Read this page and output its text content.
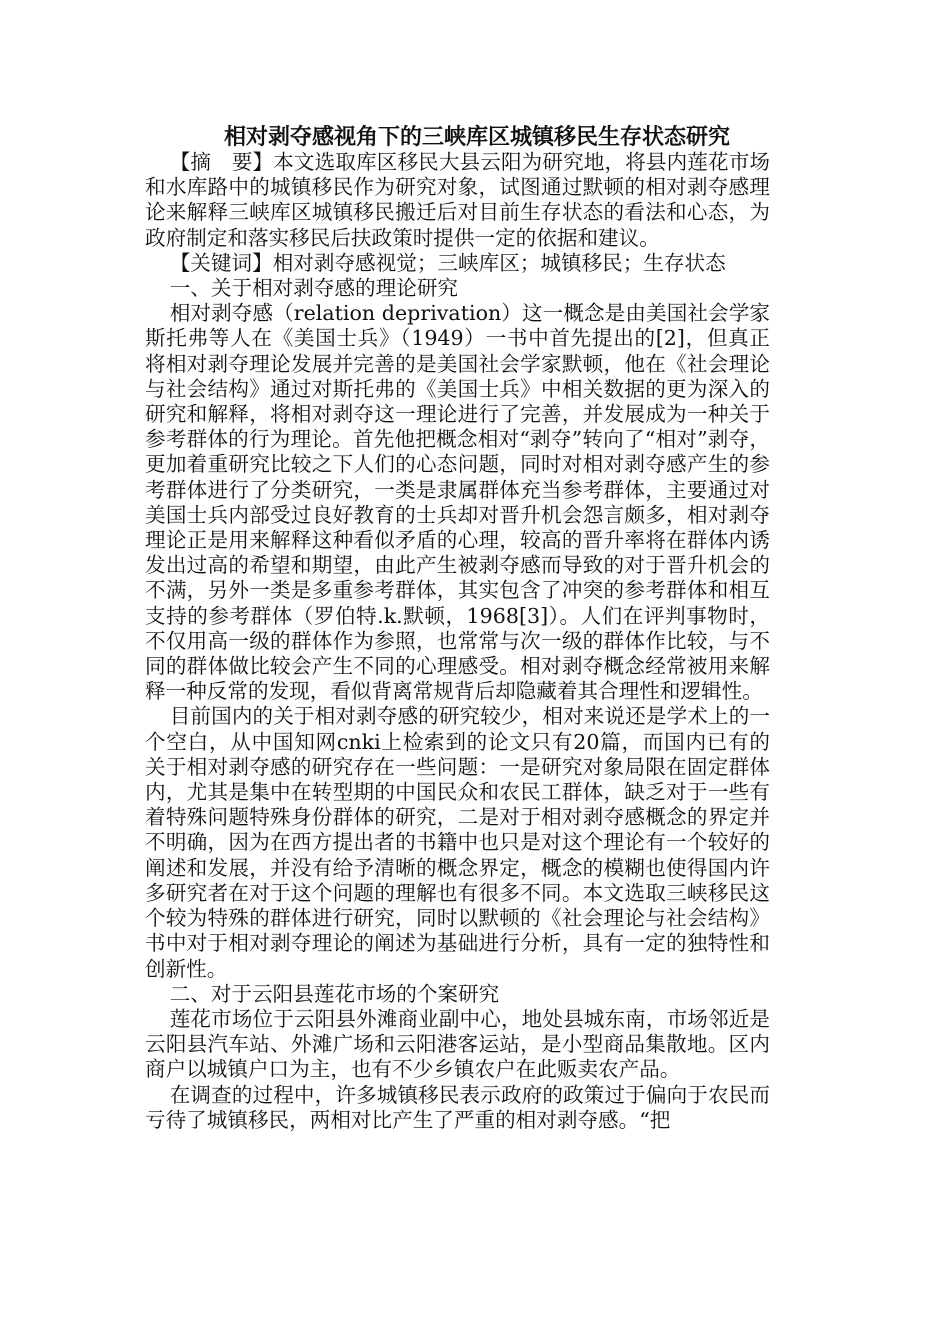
相对剥夺感视角下的三峡库区城镇移民生存状态研究

【摘　要】本文选取库区移民大县云阳为研究地，将县内莲花市场和水库路中的城镇移民作为研究对象，试图通过默顿的相对剥夺感理论来解释三峡库区城镇移民搬迁后对目前生存状态的看法和心态，为政府制定和落实移民后扶政策时提供一定的依据和建议。

【关键词】相对剥夺感视觉；三峡库区；城镇移民；生存状态

一、关于相对剥夺感的理论研究

相对剥夺感（relation deprivation）这一概念是由美国社会学家斯托弗等人在《美国士兵》（1949）一书中首先提出的[2]，但真正将相对剥夺理论发展并完善的是美国社会学家默顿，他在《社会理论与社会结构》通过对斯托弗的《美国士兵》中相关数据的更为深入的研究和解释，将相对剥夺这一理论进行了完善，并发展成为一种关于参考群体的行为理论。首先他把概念相对“剥夺”转向了“相对”剥夺，更加着重研究比较之下人们的心态问题，同时对相对剥夺感产生的参考群体进行了分类研究，一类是隶属群体充当参考群体，主要通过对美国士兵内部受过良好教育的士兵却对晋升机会怨言颇多，相对剥夺理论正是用来解释这种看似矛盾的心理，较高的晋升率将在群体内诱发出过高的希望和期望，由此产生被剥夺感而导致的对于晋升机会的不满，另外一类是多重参考群体，其实包含了冲突的参考群体和相互支持的参考群体（罗伯特.k.默顿，1968[3]）。人们在评判事物时，不仅用高一级的群体作为参照，也常常与次一级的群体作比较，与不同的群体做比较会产生不同的心理感受。相对剥夺概念经常被用来解释一种反常的发现，看似背离常规背后却隐藏着其合理性和逻辑性。

目前国内的关于相对剥夺感的研究较少，相对来说还是学术上的一个空白，从中国知网cnki上检索到的论文只有20篇，而国内已有的关于相对剥夺感的研究存在一些问题：一是研究对象局限在固定群体内，尤其是集中在转型期的中国民众和农民工群体，缺乏对于一些有着特殊问题特殊身份群体的研究，二是对于相对剥夺感概念的界定并不明确，因为在西方提出者的书籍中也只是对这个理论有一个较好的阐述和发展，并没有给予清晰的概念界定，概念的模糊也使得国内许多研究者在对于这个问题的理解也有很多不同。本文选取三峡移民这个较为特殊的群体进行研究，同时以默顿的《社会理论与社会结构》书中对于相对剥夺理论的阐述为基础进行分析，具有一定的独特性和创新性。

二、对于云阳县莲花市场的个案研究

莲花市场位于云阳县外滩商业副中心，地处县城东南，市场邻近是云阳县汽车站、外滩广场和云阳港客运站，是小型商品集散地。区内商户以城镇户口为主，也有不少乡镇农户在此贩卖农产品。

在调查的过程中，许多城镇移民表示政府的政策过于偏向于农民而亏待了城镇移民，两相对比产生了严重的相对剥夺感。“把
